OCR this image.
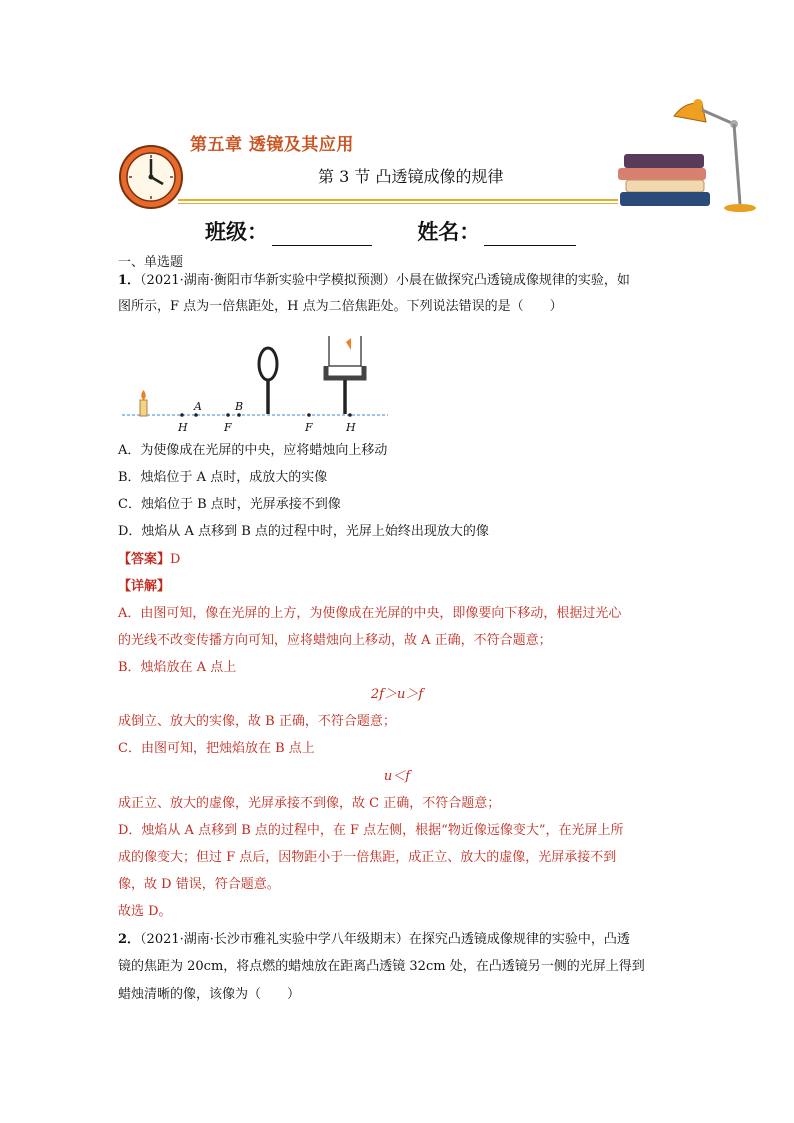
第五章 透镜及其应用
第 3 节 凸透镜成像的规律
班级：	姓名：
一、单选题
1．（2021·湖南·衡阳市华新实验中学模拟预测）小晨在做探究凸透镜成像规律的实验，如
图所示，F 点为一倍焦距处，H 点为二倍焦距处。下列说法错误的是（　　）
H
A
F
B
F	H
A．为使像成在光屏的中央，应将蜡烛向上移动
B．烛焰位于 A 点时，成放大的实像
C．烛焰位于 B 点时，光屏承接不到像
D．烛焰从 A 点移到 B 点的过程中时，光屏上始终出现放大的像
【答案】D
【详解】
A．由图可知，像在光屏的上方，为使像成在光屏的中央，即像要向下移动，根据过光心
的光线不改变传播方向可知，应将蜡烛向上移动，故 A 正确，不符合题意；
B．烛焰放在 A 点上
2f＞u＞f
成倒立、放大的实像，故 B 正确，不符合题意；
C．由图可知，把烛焰放在 B 点上
u＜f
成正立、放大的虚像，光屏承接不到像，故 C 正确，不符合题意；
D．烛焰从 A 点移到 B 点的过程中，在 F 点左侧，根据“物近像远像变大”，在光屏上所
成的像变大；但过 F 点后，因物距小于一倍焦距，成正立、放大的虚像，光屏承接不到
像，故 D 错误，符合题意。
故选 D。
2．（2021·湖南·长沙市雅礼实验中学八年级期末）在探究凸透镜成像规律的实验中，凸透
镜的焦距为 20cm，将点燃的蜡烛放在距离凸透镜 32cm 处，在凸透镜另一侧的光屏上得到
蜡烛清晰的像，该像为（　　）
